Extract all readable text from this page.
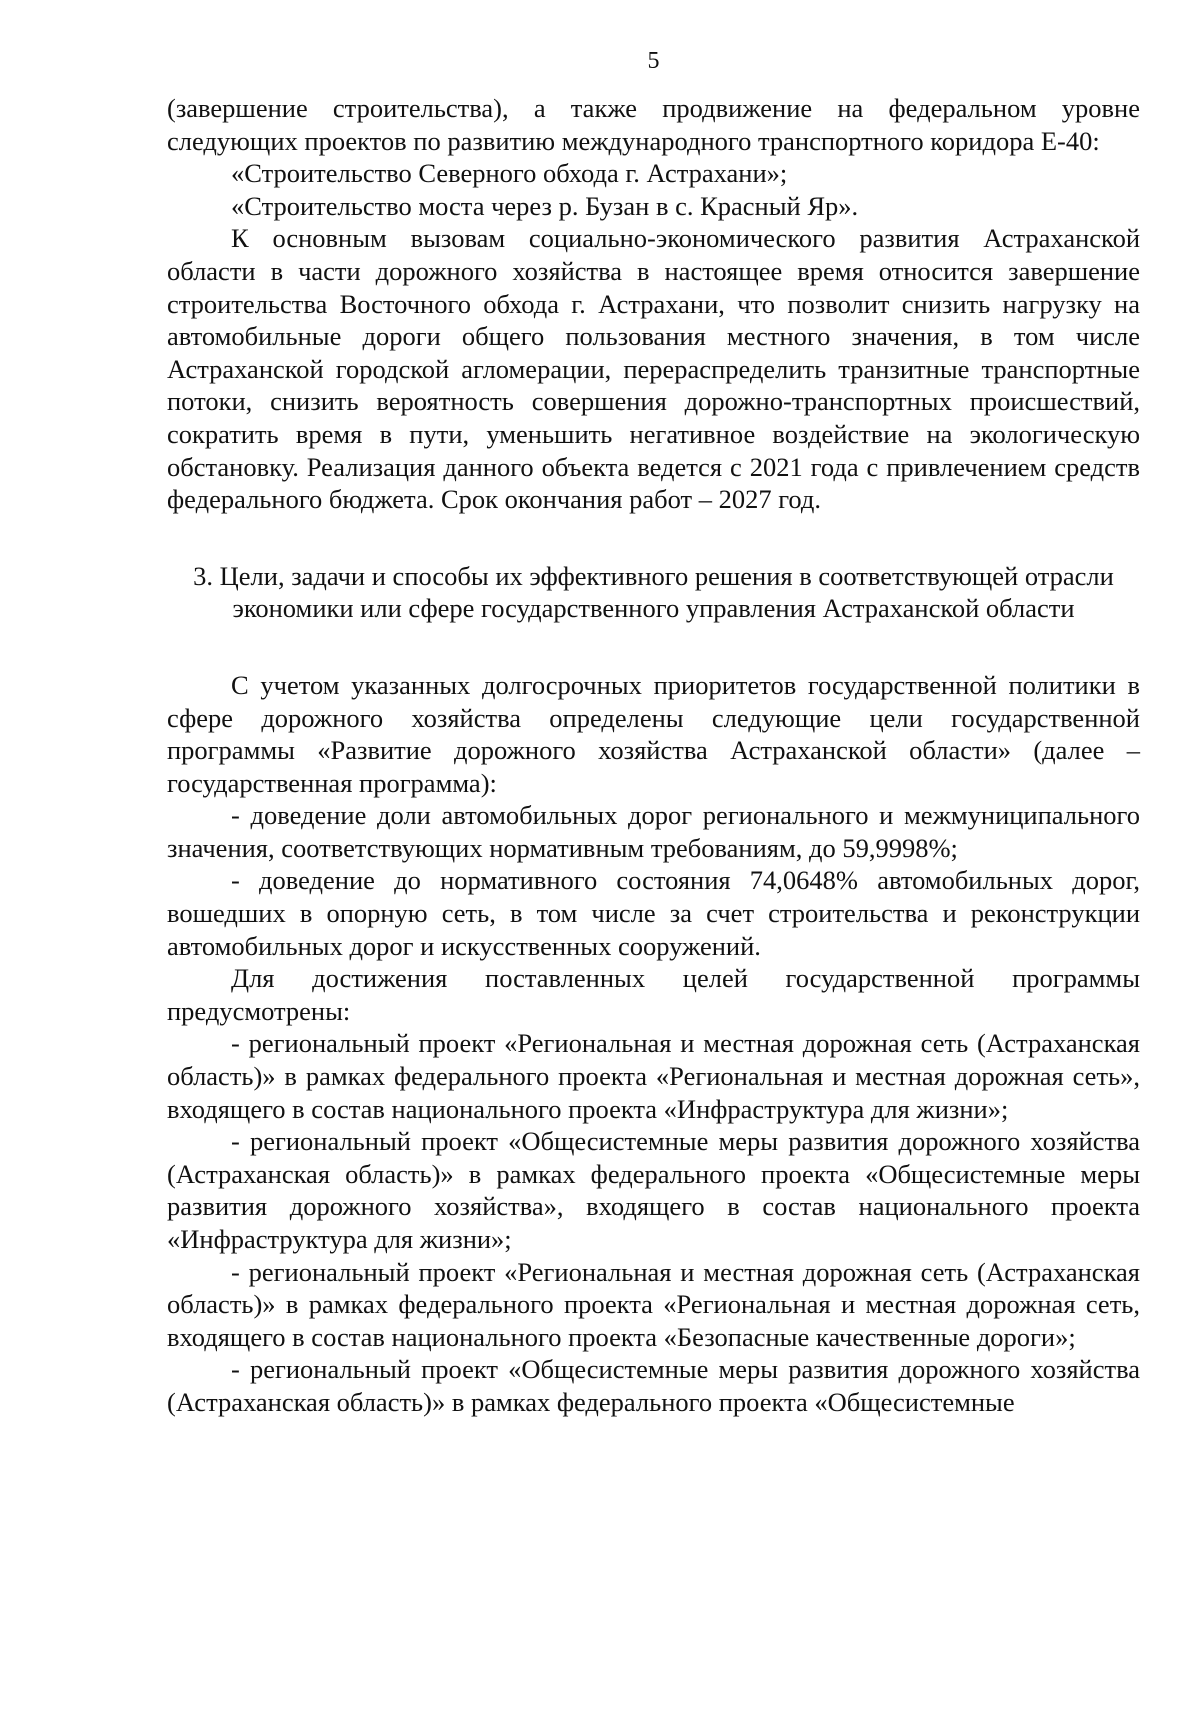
5

(завершение строительства), а также продвижение на федеральном уровне следующих проектов по развитию международного транспортного коридора Е-40:

«Строительство Северного обхода г. Астрахани»;

«Строительство моста через р. Бузан в с. Красный Яр».

К основным вызовам социально-экономического развития Астраханской области в части дорожного хозяйства в настоящее время относится завершение строительства Восточного обхода г. Астрахани, что позволит снизить нагрузку на автомобильные дороги общего пользования местного значения, в том числе Астраханской городской агломерации, перераспределить транзитные транспортные потоки, снизить вероятность совершения дорожно-транспортных происшествий, сократить время в пути, уменьшить негативное воздействие на экологическую обстановку. Реализация данного объекта ведется с 2021 года с привлечением средств федерального бюджета. Срок окончания работ – 2027 год.

3. Цели, задачи и способы их эффективного решения в соответствующей отрасли экономики или сфере государственного управления Астраханской области

С учетом указанных долгосрочных приоритетов государственной политики в сфере дорожного хозяйства определены следующие цели государственной программы «Развитие дорожного хозяйства Астраханской области» (далее – государственная программа):

- доведение доли автомобильных дорог регионального и межмуниципального значения, соответствующих нормативным требованиям, до 59,9998%;

- доведение до нормативного состояния 74,0648% автомобильных дорог, вошедших в опорную сеть, в том числе за счет строительства и реконструкции автомобильных дорог и искусственных сооружений.

Для достижения поставленных целей государственной программы предусмотрены:

- региональный проект «Региональная и местная дорожная сеть (Астраханская область)» в рамках федерального проекта «Региональная и местная дорожная сеть», входящего в состав национального проекта «Инфраструктура для жизни»;

- региональный проект «Общесистемные меры развития дорожного хозяйства (Астраханская область)» в рамках федерального проекта «Общесистемные меры развития дорожного хозяйства», входящего в состав национального проекта «Инфраструктура для жизни»;

- региональный проект «Региональная и местная дорожная сеть (Астраханская область)» в рамках федерального проекта «Региональная и местная дорожная сеть, входящего в состав национального проекта «Безопасные качественные дороги»;

- региональный проект «Общесистемные меры развития дорожного хозяйства (Астраханская область)» в рамках федерального проекта «Общесистемные
